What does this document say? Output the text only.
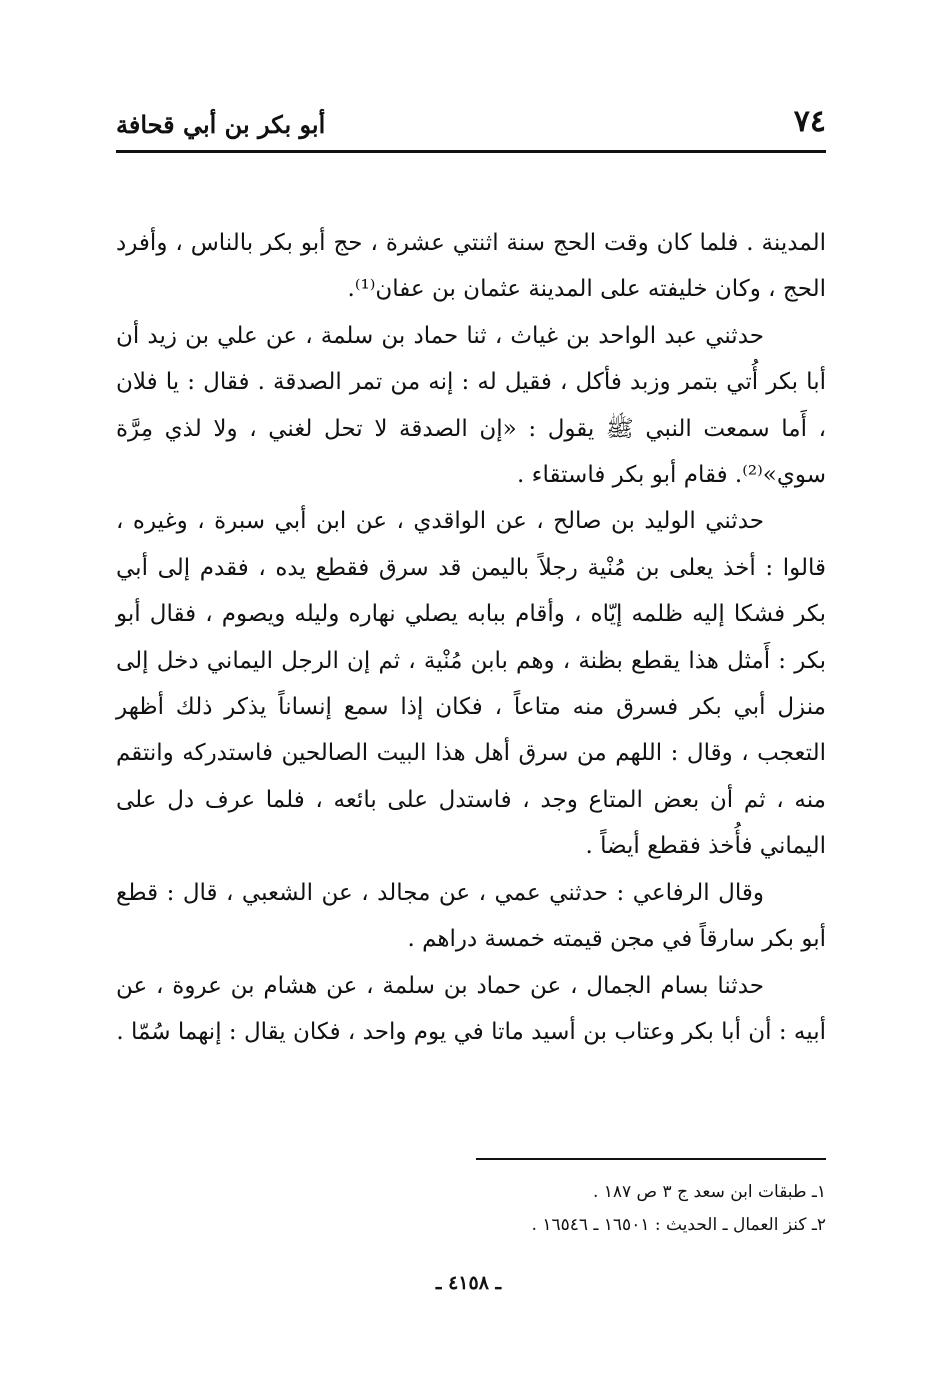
٧٤
أبو بكر بن أبي قحافة

المدينة . فلما كان وقت الحج سنة اثنتي عشرة ، حج أبو بكر بالناس ، وأفرد الحج ، وكان خليفته على المدينة عثمان بن عفان⁽¹⁾.

حدثني عبد الواحد بن غياث ، ثنا حماد بن سلمة ، عن علي بن زيد أن أبا بكر أُتي بتمر وزبد فأكل ، فقيل له : إنه من تمر الصدقة . فقال : يا فلان ، أَما سمعت النبي ﷺ يقول : «إن الصدقة لا تحل لغني ، ولا لذي مِرَّة سوي»⁽²⁾. فقام أبو بكر فاستقاء .

حدثني الوليد بن صالح ، عن الواقدي ، عن ابن أبي سبرة ، وغيره ، قالوا : أخذ يعلى بن مُنْية رجلاً باليمن قد سرق فقطع يده ، فقدم إلى أبي بكر فشكا إليه ظلمه إيّاه ، وأقام ببابه يصلي نهاره وليله ويصوم ، فقال أبو بكر : أَمثل هذا يقطع بظنة ، وهم بابن مُنْية ، ثم إن الرجل اليماني دخل إلى منزل أبي بكر فسرق منه متاعاً ، فكان إذا سمع إنساناً يذكر ذلك أظهر التعجب ، وقال : اللهم من سرق أهل هذا البيت الصالحين فاستدركه وانتقم منه ، ثم أن بعض المتاع وجد ، فاستدل على بائعه ، فلما عرف دل على اليماني فأُخذ فقطع أيضاً .

وقال الرفاعي : حدثني عمي ، عن مجالد ، عن الشعبي ، قال : قطع أبو بكر سارقاً في مجن قيمته خمسة دراهم .

حدثنا بسام الجمال ، عن حماد بن سلمة ، عن هشام بن عروة ، عن أبيه : أن أبا بكر وعتاب بن أسيد ماتا في يوم واحد ، فكان يقال : إنهما سُمّا .

١ـ طبقات ابن سعد ج ٣ ص ١٨٧ .

٢ـ كنز العمال ـ الحديث : ١٦٥٠١ ـ ١٦٥٤٦ .

ـ ٤١٥٨ ـ
